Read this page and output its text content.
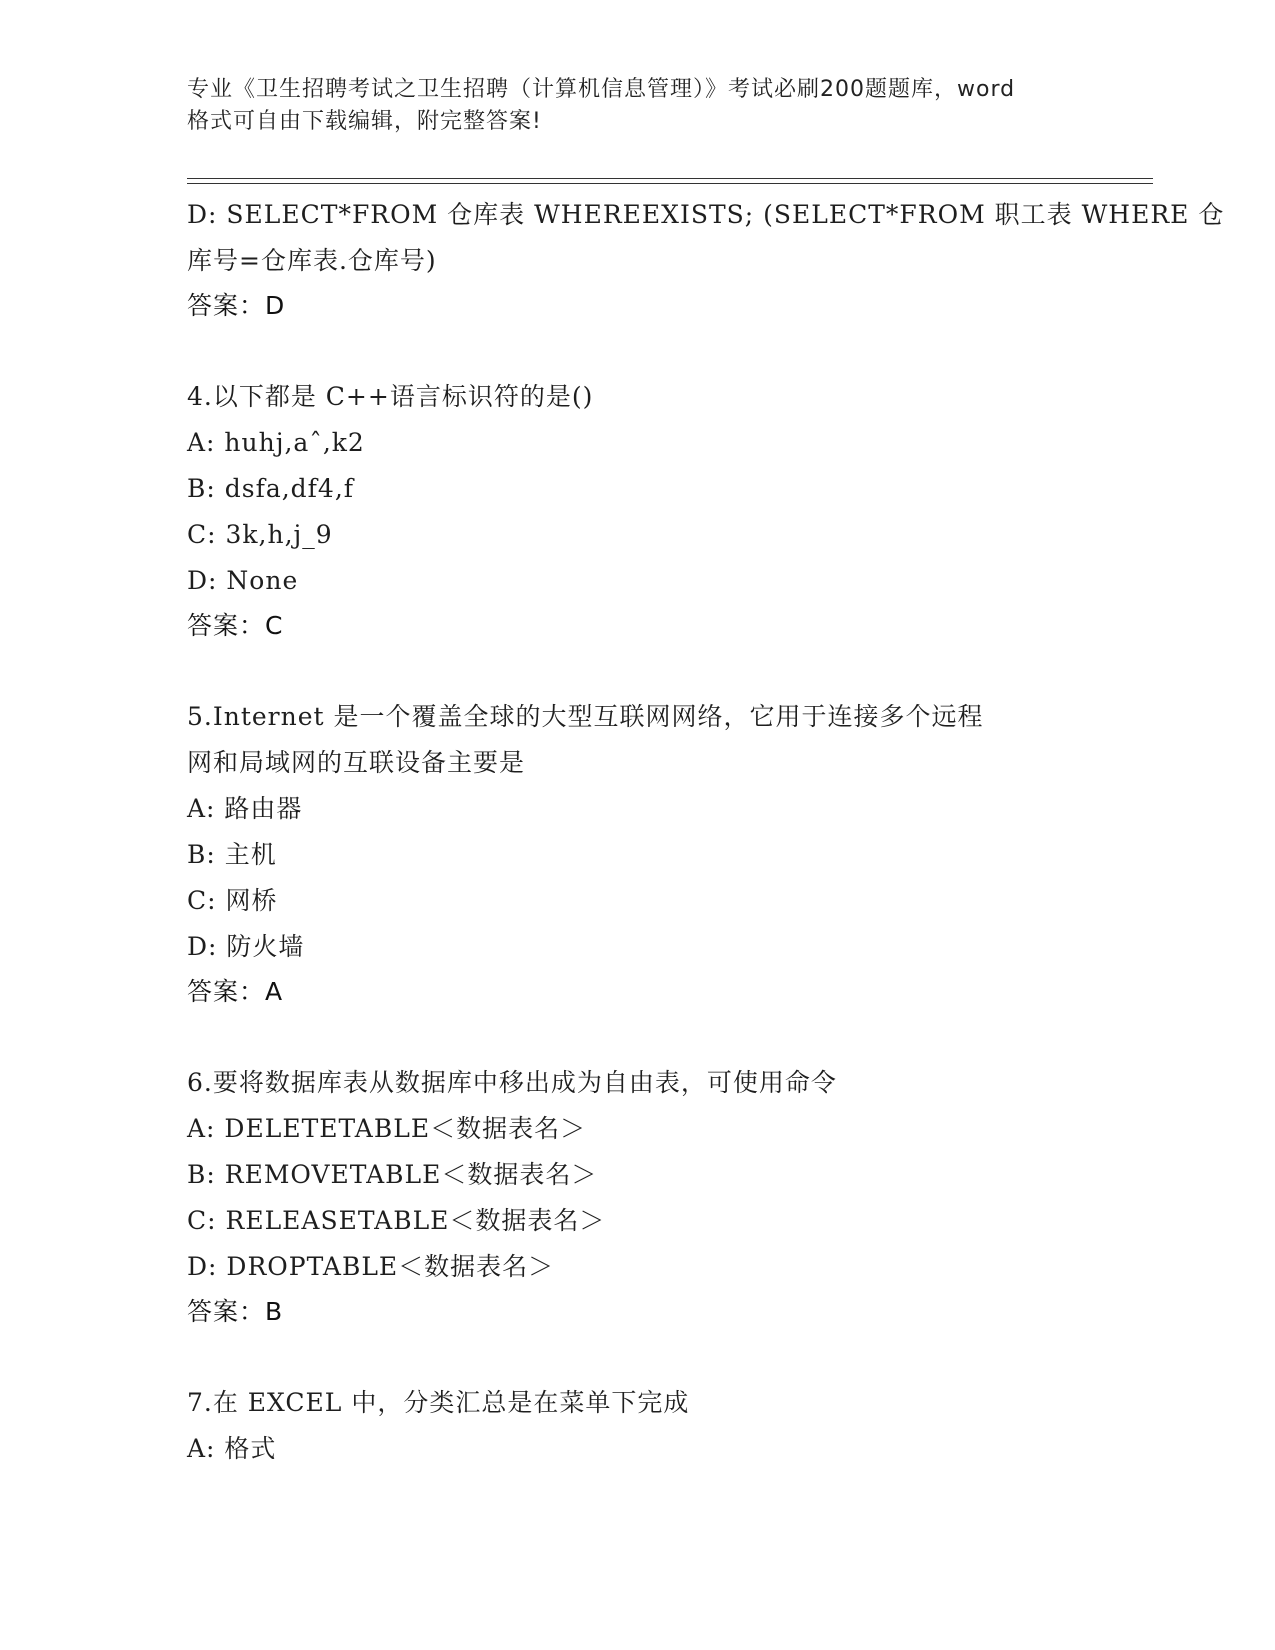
专业《卫生招聘考试之卫生招聘（计算机信息管理）》考试必刷200题题库，word
格式可自由下载编辑，附完整答案!
D: SELECT*FROM 仓库表 WHEREEXISTS; (SELECT*FROM 职工表 WHERE 仓
库号=仓库表.仓库号)
答案：D
4.以下都是 C++语言标识符的是()
A: huhj,aˆ,k2
B: dsfa,df4,f
C: 3k,h,j_9
D: None
答案：C
5.Internet 是一个覆盖全球的大型互联网网络，它用于连接多个远程
网和局域网的互联设备主要是
A: 路由器
B: 主机
C: 网桥
D: 防火墙
答案：A
6.要将数据库表从数据库中移出成为自由表，可使用命令
A: DELETETABLE＜数据表名＞
B: REMOVETABLE＜数据表名＞
C: RELEASETABLE＜数据表名＞
D: DROPTABLE＜数据表名＞
答案：B
7.在 EXCEL 中，分类汇总是在菜单下完成
A: 格式
